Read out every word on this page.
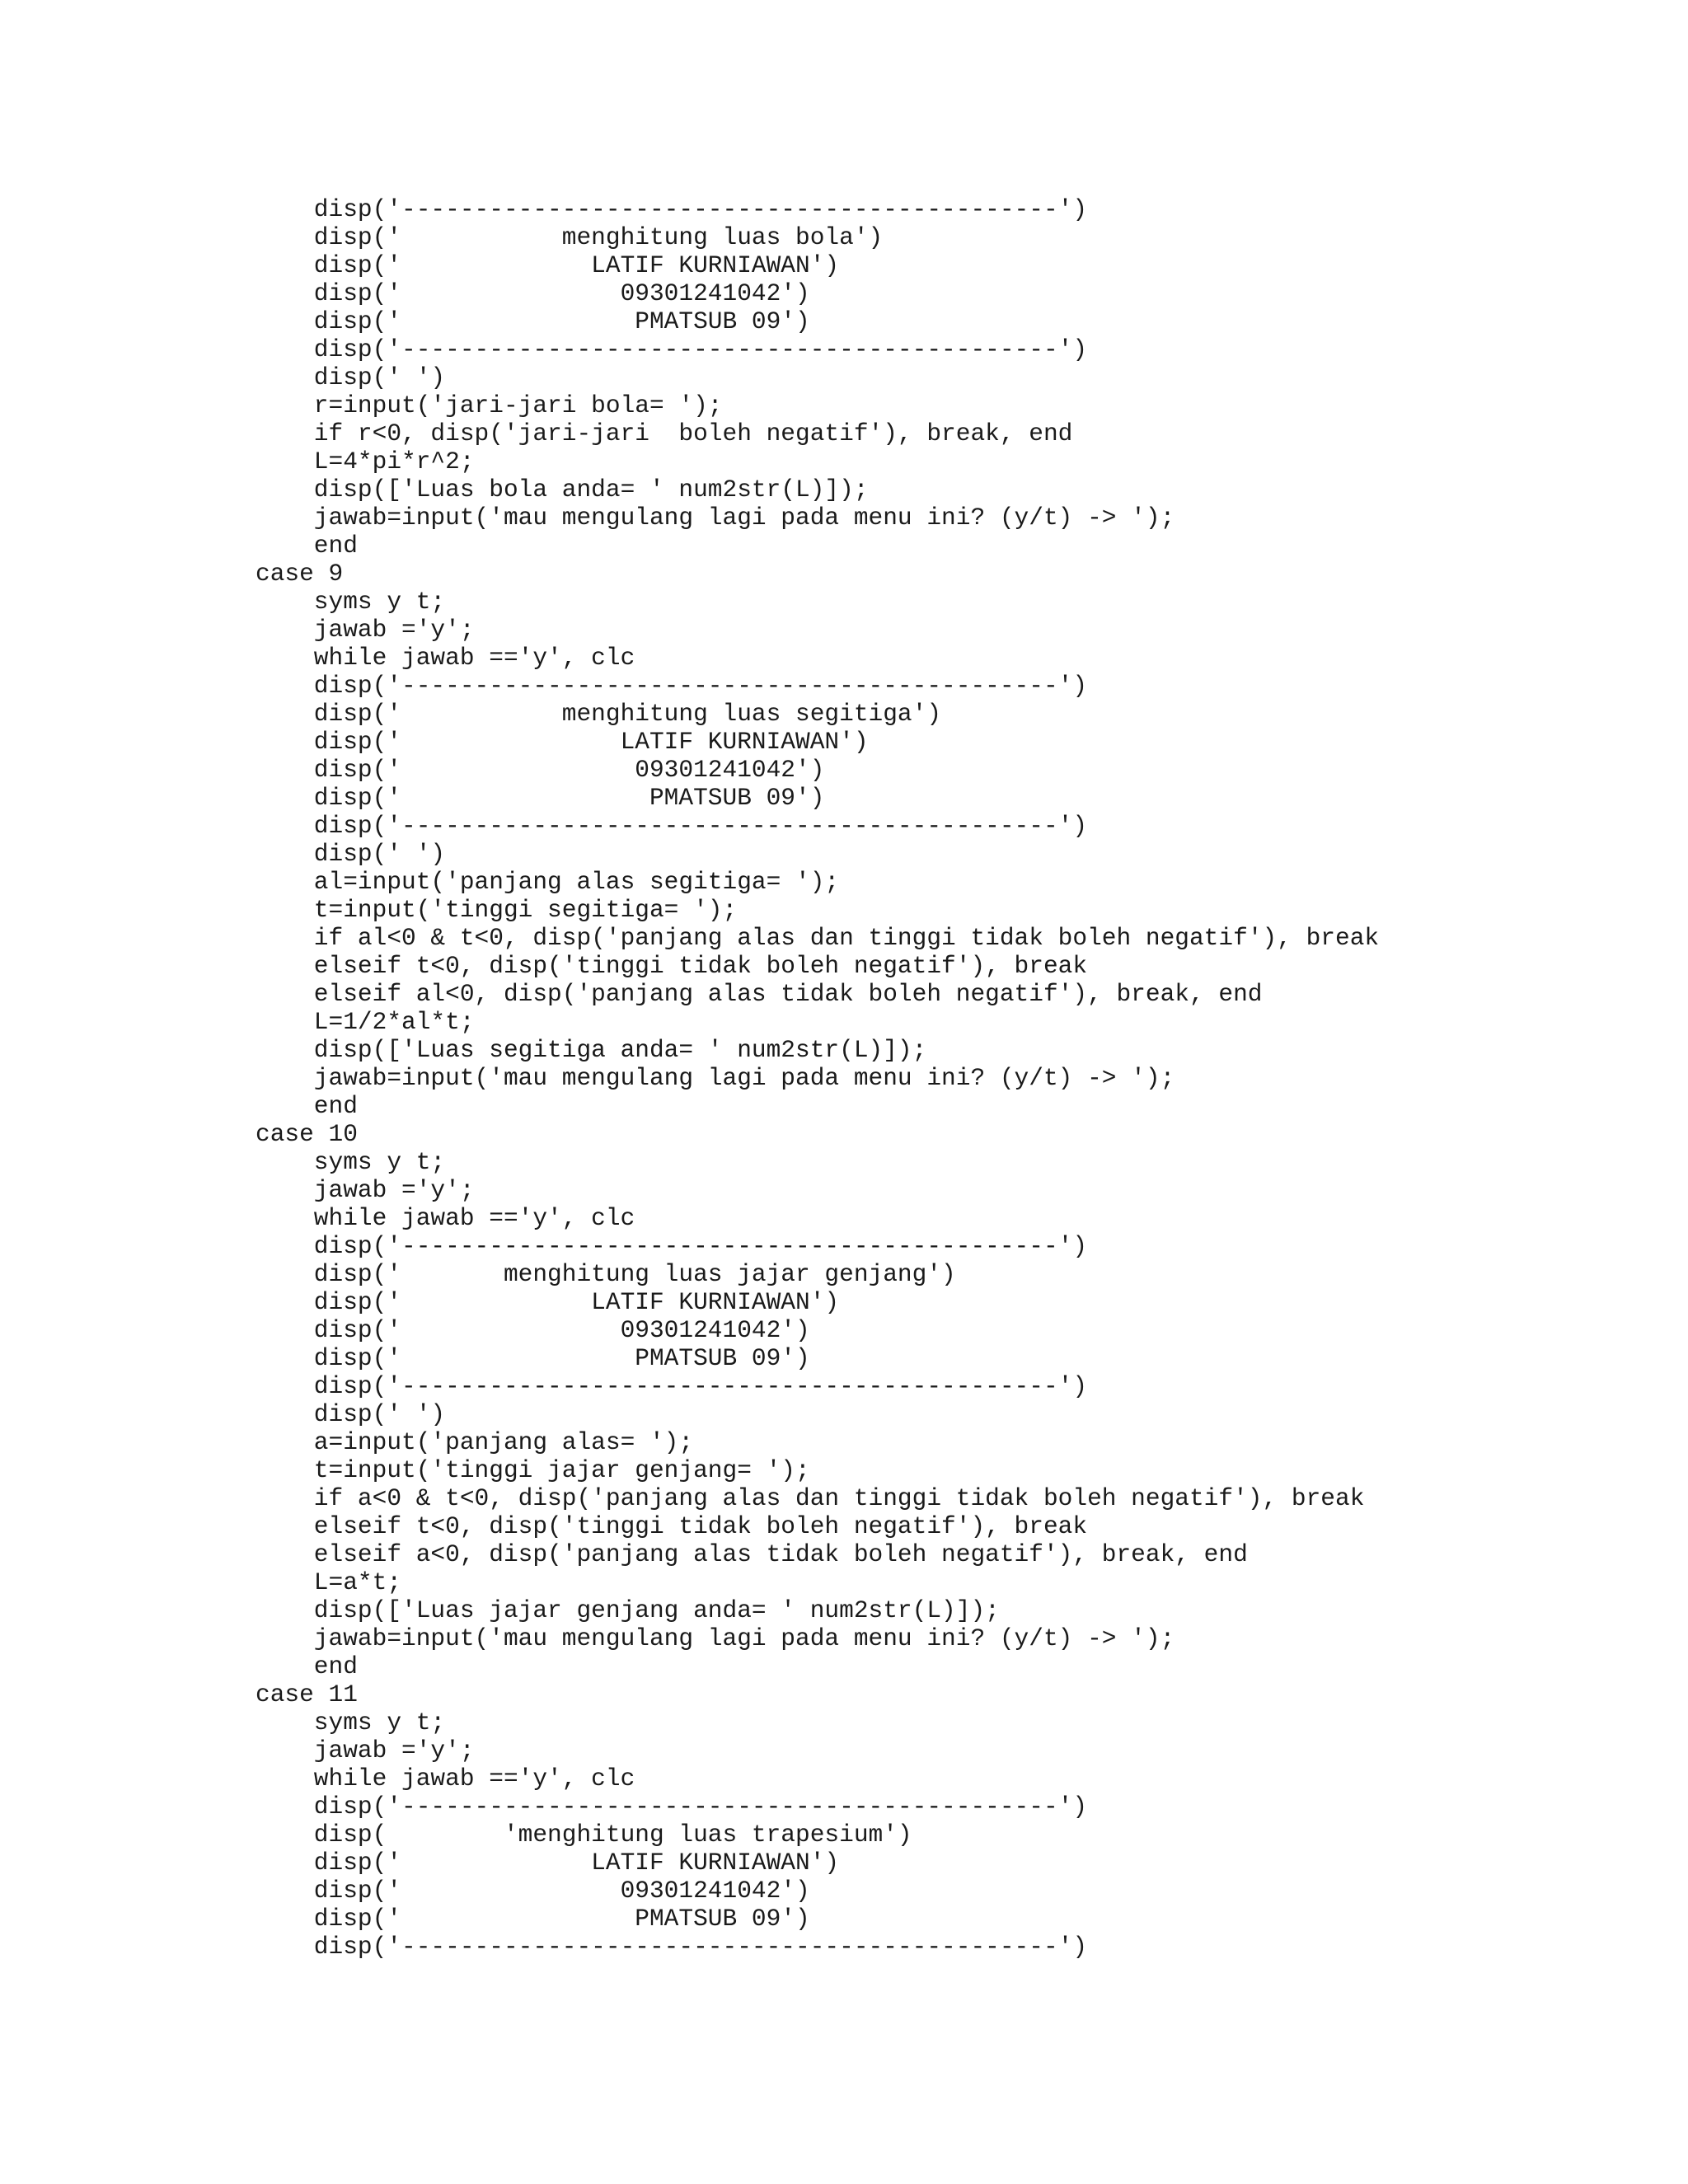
disp('---------------------------------------------')
disp('           menghitung luas bola')
disp('             LATIF KURNIAWAN')
disp('               09301241042')
disp('                PMATSUB 09')
disp('---------------------------------------------')
disp(' ')
r=input('jari-jari bola= ');
if r<0, disp('jari-jari  boleh negatif'), break, end
L=4*pi*r^2;
disp(['Luas bola anda= ' num2str(L)]);
jawab=input('mau mengulang lagi pada menu ini? (y/t) -> ');
end
case 9
syms y t;
jawab ='y';
while jawab =='y', clc
disp('---------------------------------------------')
disp('           menghitung luas segitiga')
disp('               LATIF KURNIAWAN')
disp('                09301241042')
disp('                 PMATSUB 09')
disp('---------------------------------------------')
disp(' ')
al=input('panjang alas segitiga= ');
t=input('tinggi segitiga= ');
if al<0 & t<0, disp('panjang alas dan tinggi tidak boleh negatif'), break
elseif t<0, disp('tinggi tidak boleh negatif'), break
elseif al<0, disp('panjang alas tidak boleh negatif'), break, end
L=1/2*al*t;
disp(['Luas segitiga anda= ' num2str(L)]);
jawab=input('mau mengulang lagi pada menu ini? (y/t) -> ');
end
case 10
syms y t;
jawab ='y';
while jawab =='y', clc
disp('---------------------------------------------')
disp('       menghitung luas jajar genjang')
disp('             LATIF KURNIAWAN')
disp('               09301241042')
disp('                PMATSUB 09')
disp('---------------------------------------------')
disp(' ')
a=input('panjang alas= ');
t=input('tinggi jajar genjang= ');
if a<0 & t<0, disp('panjang alas dan tinggi tidak boleh negatif'), break
elseif t<0, disp('tinggi tidak boleh negatif'), break
elseif a<0, disp('panjang alas tidak boleh negatif'), break, end
L=a*t;
disp(['Luas jajar genjang anda= ' num2str(L)]);
jawab=input('mau mengulang lagi pada menu ini? (y/t) -> ');
end
case 11
syms y t;
jawab ='y';
while jawab =='y', clc
disp('---------------------------------------------')
disp(        'menghitung luas trapesium')
disp('             LATIF KURNIAWAN')
disp('               09301241042')
disp('                PMATSUB 09')
disp('---------------------------------------------')
